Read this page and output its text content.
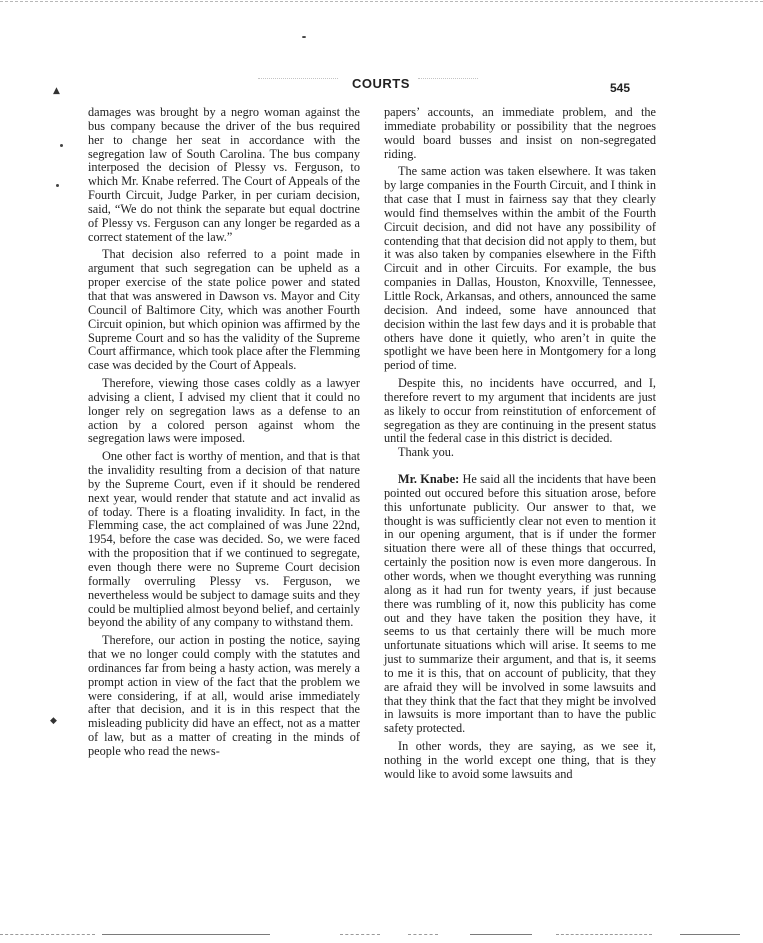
COURTS	545
▲
◆

damages was brought by a negro woman against the bus company because the driver of the bus required her to change her seat in accordance with the segregation law of South Carolina. The bus company interposed the decision of Plessy vs. Ferguson, to which Mr. Knabe referred. The Court of Appeals of the Fourth Circuit, Judge Parker, in per curiam decision, said, “We do not think the separate but equal doctrine of Plessy vs. Ferguson can any longer be regarded as a correct statement of the law.”

That decision also referred to a point made in argument that such segregation can be upheld as a proper exercise of the state police power and stated that that was answered in Dawson vs. Mayor and City Council of Baltimore City, which was another Fourth Circuit opinion, but which opinion was affirmed by the Supreme Court and so has the validity of the Supreme Court affirmance, which took place after the Flemming case was decided by the Court of Appeals.

Therefore, viewing those cases coldly as a lawyer advising a client, I advised my client that it could no longer rely on segregation laws as a defense to an action by a colored person against whom the segregation laws were imposed.

One other fact is worthy of mention, and that is that the invalidity resulting from a decision of that nature by the Supreme Court, even if it should be rendered next year, would render that statute and act invalid as of today. There is a floating invalidity. In fact, in the Flemming case, the act complained of was June 22nd, 1954, before the case was decided. So, we were faced with the proposition that if we continued to segregate, even though there were no Supreme Court decision formally overruling Plessy vs. Ferguson, we nevertheless would be subject to damage suits and they could be multiplied almost beyond belief, and certainly beyond the ability of any company to withstand them.

Therefore, our action in posting the notice, saying that we no longer could comply with the statutes and ordinances far from being a hasty action, was merely a prompt action in view of the fact that the problem we were considering, if at all, would arise immediately after that decision, and it is in this respect that the misleading publicity did have an effect, not as a matter of law, but as a matter of creating in the minds of people who read the news-

papers’ accounts, an immediate problem, and the immediate probability or possibility that the negroes would board busses and insist on non-segregated riding.

The same action was taken elsewhere. It was taken by large companies in the Fourth Circuit, and I think in that case that I must in fairness say that they clearly would find themselves within the ambit of the Fourth Circuit decision, and did not have any possibility of contending that that decision did not apply to them, but it was also taken by companies elsewhere in the Fifth Circuit and in other Circuits. For example, the bus companies in Dallas, Houston, Knoxville, Tennessee, Little Rock, Arkansas, and others, announced the same decision. And indeed, some have announced that decision within the last few days and it is probable that others have done it quietly, who aren’t in quite the spotlight we have been here in Montgomery for a long period of time.

Despite this, no incidents have occurred, and I, therefore revert to my argument that incidents are just as likely to occur from reinstitution of enforcement of segregation as they are continuing in the present status until the federal case in this district is decided.

Thank you.

Mr. Knabe: He said all the incidents that have been pointed out occured before this situation arose, before this unfortunate publicity. Our answer to that, we thought is was sufficiently clear not even to mention it in our opening argument, that is if under the former situation there were all of these things that occurred, certainly the position now is even more dangerous. In other words, when we thought everything was running along as it had run for twenty years, if just because there was rumbling of it, now this publicity has come out and they have taken the position they have, it seems to us that certainly there will be much more unfortunate situations which will arise. It seems to me just to summarize their argument, and that is, it seems to me it is this, that on account of publicity, that they are afraid they will be involved in some lawsuits and that they think that the fact that they might be involved in lawsuits is more important than to have the public safety protected.

In other words, they are saying, as we see it, nothing in the world except one thing, that is they would like to avoid some lawsuits and
